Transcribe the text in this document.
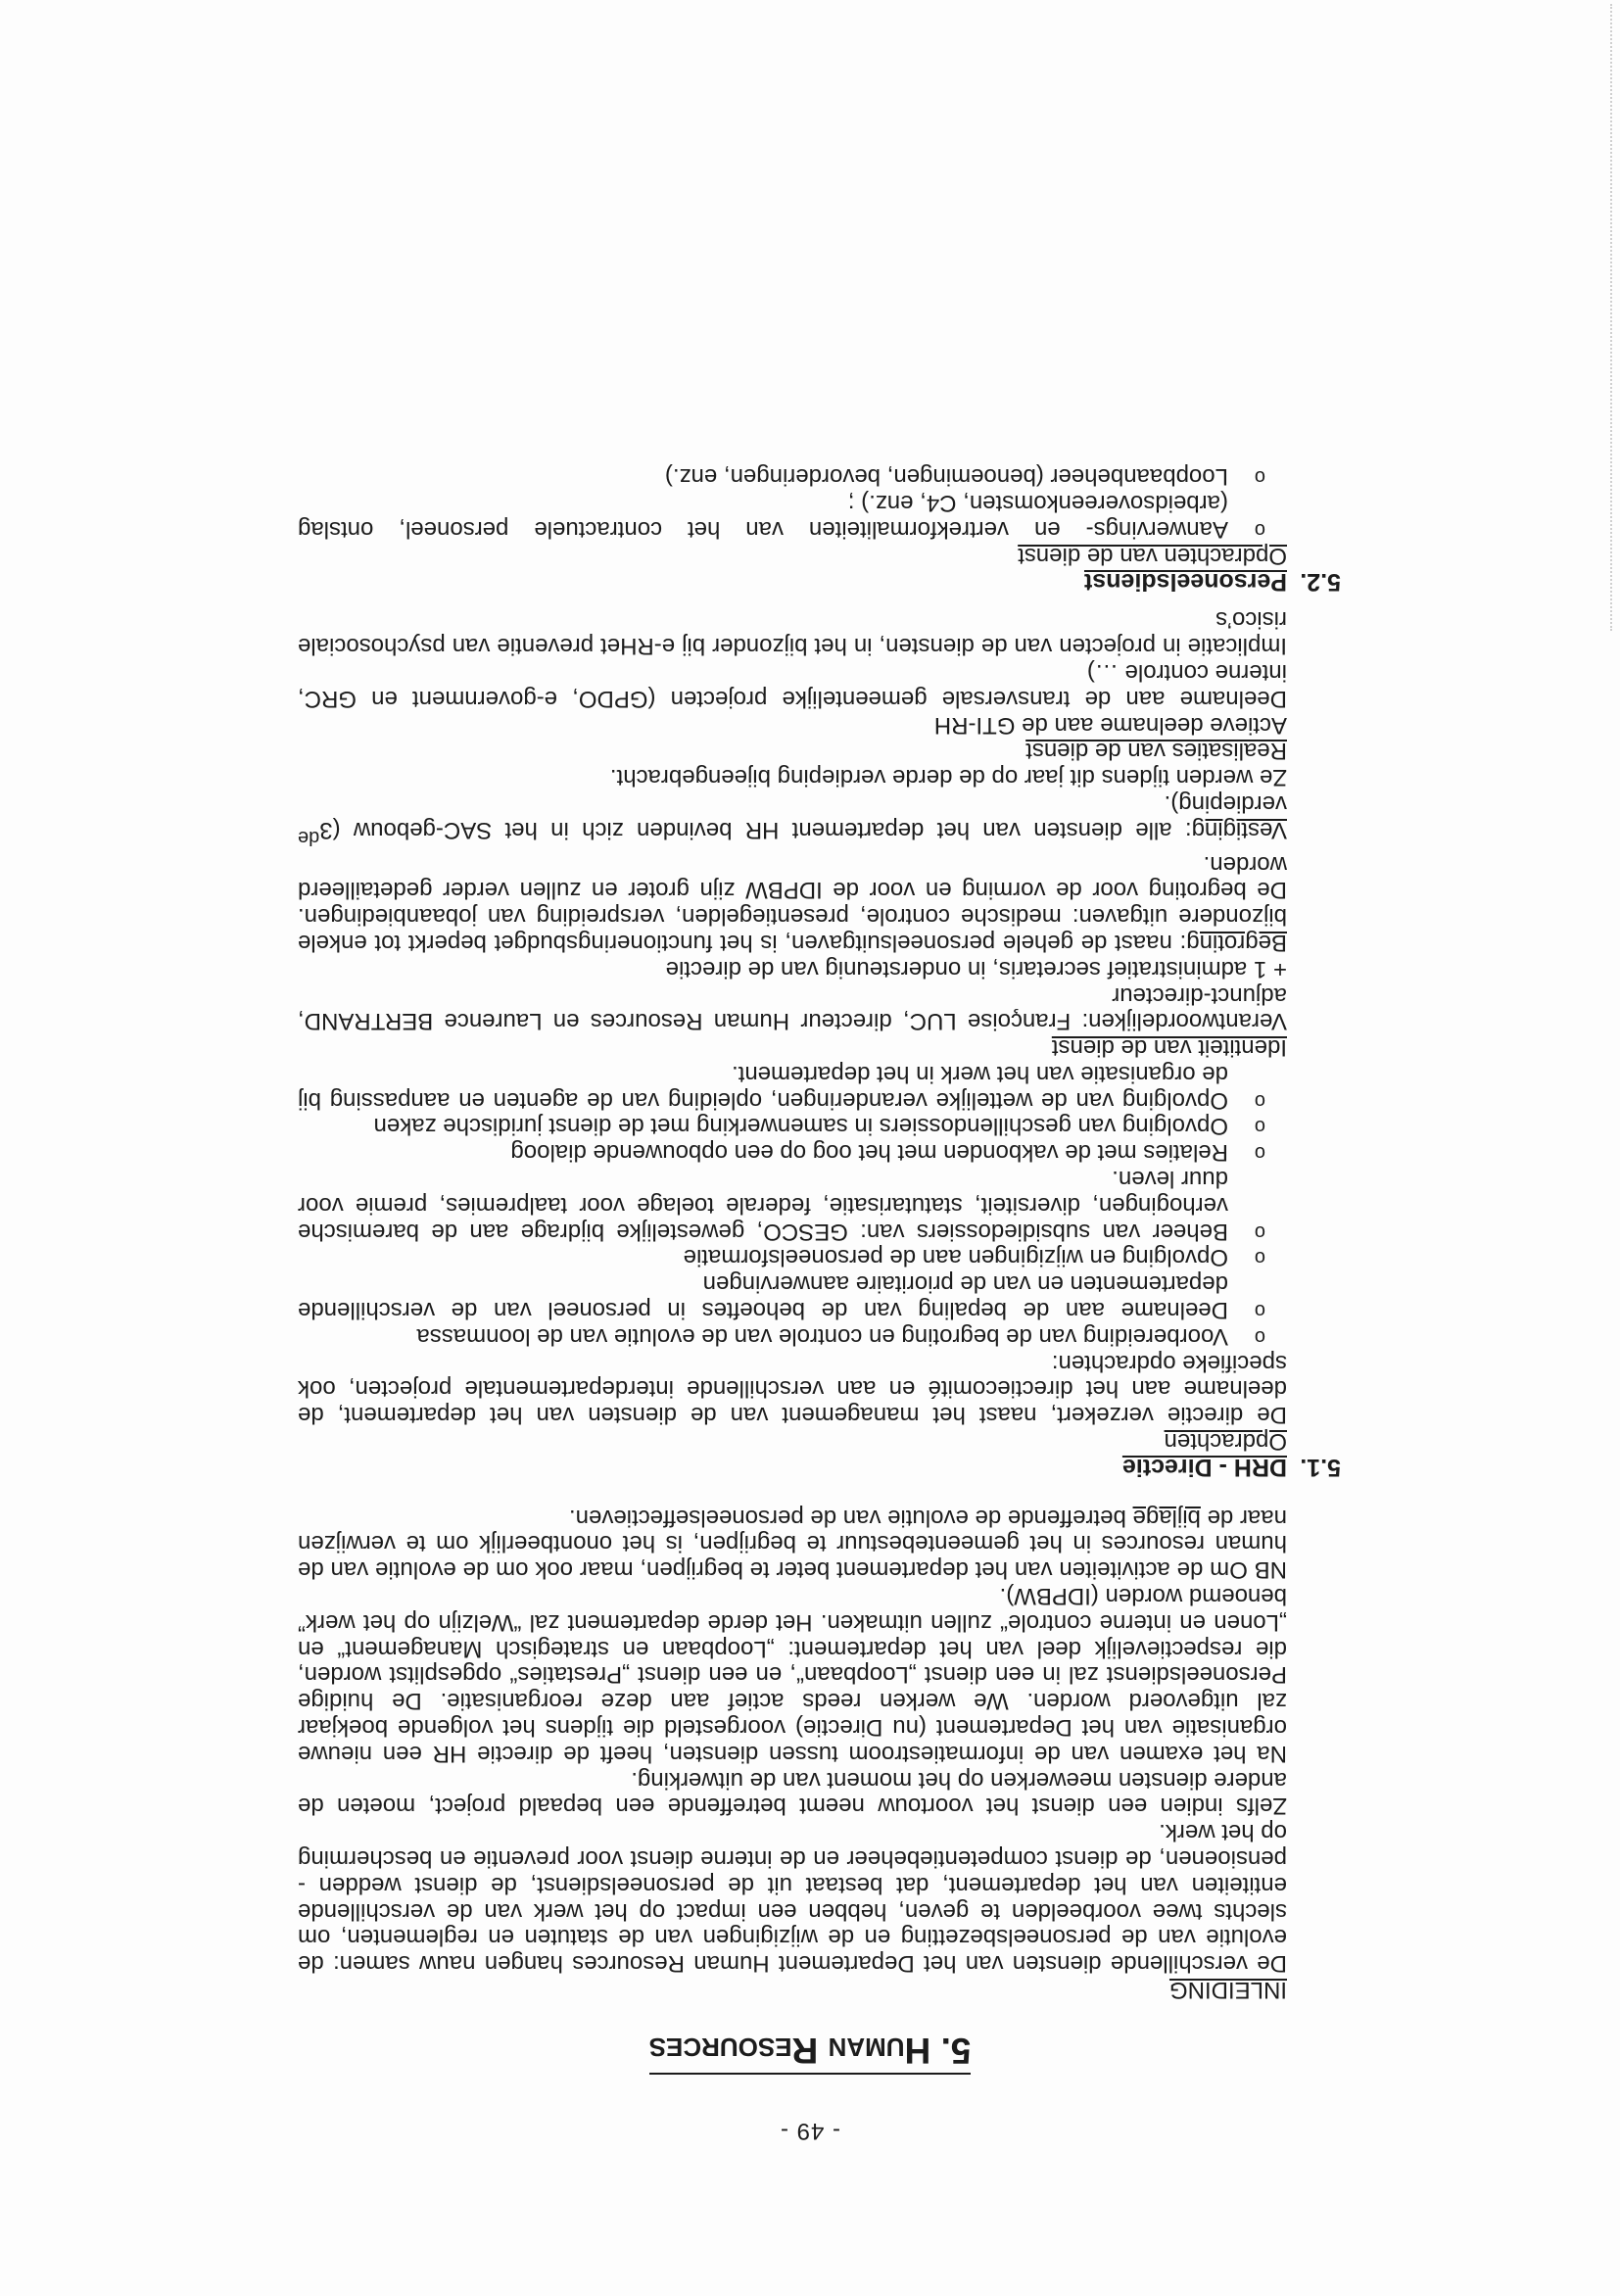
- 49 -
5. Human Resources

INLEIDING

De verschillende diensten van het Departement Human Resources hangen nauw samen: de evolutie van de personeelsbezetting en de wijzigingen van de statuten en reglementen, om slechts twee voorbeelden te geven, hebben een impact op het werk van de verschillende entiteiten van het departement, dat bestaat uit de personeelsdienst, de dienst wedden - pensioenen, de dienst competentiebeheer en de interne dienst voor preventie en bescherming op het werk.

Zelfs indien een dienst het voortouw neemt betreffende een bepaald project, moeten de andere diensten meewerken op het moment van de uitwerking.

Na het examen van de informatiestroom tussen diensten, heeft de directie HR een nieuwe organisatie van het Departement (nu Directie) voorgesteld die tijdens het volgende boekjaar zal uitgevoerd worden. We werken reeds actief aan deze reorganisatie. De huidige Personeelsdienst zal in een dienst „Loopbaan“, en een dienst „Prestaties“ opgesplitst worden, die respectievelijk deel van het departement: „Loopbaan en strategisch Management“ en „Lonen en interne controle“ zullen uitmaken. Het derde departement zal “Welzijn op het werk” benoemd worden (IDPBW).

NB Om de activiteiten van het departement beter te begrijpen, maar ook om de evolutie van de human resources in het gemeentebestuur te begrijpen, is het onontbeerlijk om te verwijzen naar de bijlage betreffende de evolutie van de personeelseffectieven.

5.1.
DRH - Directie

Opdrachten

De directie verzekert, naast het management van de diensten van het departement, de deelname aan het directiecomité en aan verschillende interdepartementale projecten, ook specifieke opdrachten:

o Voorbereiding van de begroting en controle van de evolutie van de loonmassa
o Deelname aan de bepaling van de behoeftes in personeel van de verschillende departementen en van de prioritaire aanwervingen
o Opvolging en wijzigingen aan de personeelsformatie
o Beheer van subsidiedossiers van: GESCO, gewestelijke bijdrage aan de baremische verhogingen, diversiteit, statutarisatie, federale toelage voor taalpremies, premie voor duur leven.
o Relaties met de vakbonden met het oog op een opbouwende dialoog
o Opvolging van geschillendossiers in samenwerking met de dienst juridische zaken
o Opvolging van de wettelijke veranderingen, opleiding van de agenten en aanpassing bij de organisatie van het werk in het departement.

Identiteit van de dienst

Verantwoordelijken: Françoise LUC, directeur Human Resources en Laurence BERTRAND, adjunct-directeur

+ 1 administratief secretaris, in ondersteunig van de directie

Begroting: naast de gehele personeelsuitgaven, is het functioneringsbudget beperkt tot enkele bijzondere uitgaven: medische controle, presentiegelden, verspreiding van jobaanbiedingen. De begroting voor de vorming en voor de IDPBW zijn groter en zullen verder gedetailleerd worden.

Vestiging: alle diensten van het departement HR bevinden zich in het SAC-gebouw (3de verdieping).

Ze werden tijdens dit jaar op de derde verdieping bijeengebracht.

Realisaties van de dienst

Actieve deelname aan de GTI-RH
Deelname aan de transversale gemeentelijke projecten (GPDO, e-government en GRC, interne controle …)
Implicatie in projecten van de diensten, in het bijzonder bij e-RHet preventie van psychosociale risico’s

5.2.
Personeelsdienst

Opdrachten van de dienst

o Aanwervings- en vertrekformaliteiten van het contractuele personeel, ontslag (arbeidsovereenkomsten, C4, enz.) ;
o Loopbaanbeheer (benoemingen, bevorderingen, enz.)
